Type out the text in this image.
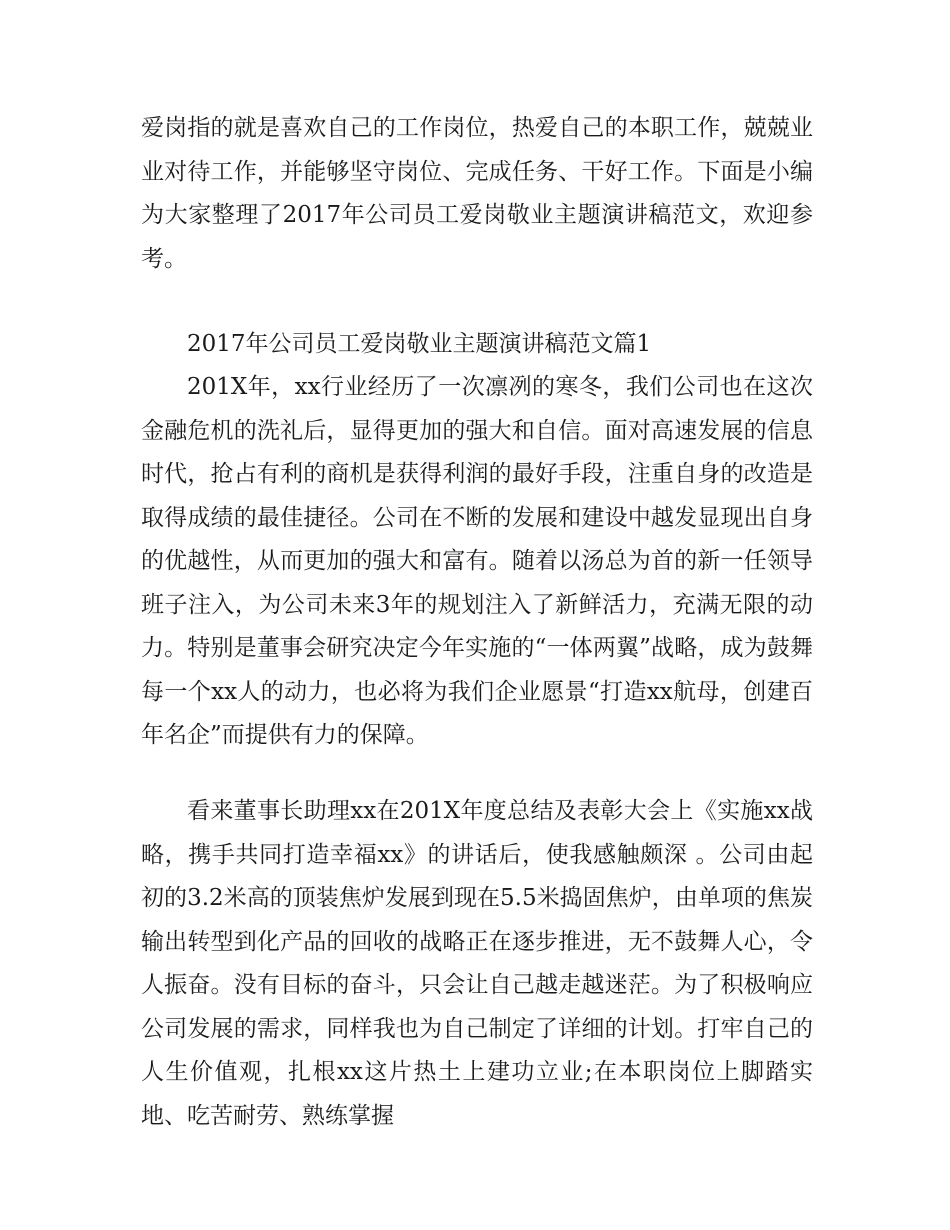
爱岗指的就是喜欢自己的工作岗位，热爱自己的本职工作，兢兢业业对待工作，并能够坚守岗位、完成任务、干好工作。下面是小编为大家整理了2017年公司员工爱岗敬业主题演讲稿范文，欢迎参考。

2017年公司员工爱岗敬业主题演讲稿范文篇1

201X年，xx行业经历了一次凛冽的寒冬，我们公司也在这次金融危机的洗礼后，显得更加的强大和自信。面对高速发展的信息时代，抢占有利的商机是获得利润的最好手段，注重自身的改造是取得成绩的最佳捷径。公司在不断的发展和建设中越发显现出自身的优越性，从而更加的强大和富有。随着以汤总为首的新一任领导班子注入，为公司未来3年的规划注入了新鲜活力，充满无限的动力。特别是董事会研究决定今年实施的“一体两翼”战略，成为鼓舞每一个xx人的动力，也必将为我们企业愿景“打造xx航母，创建百年名企”而提供有力的保障。

看来董事长助理xx在201X年度总结及表彰大会上《实施xx战略，携手共同打造幸福xx》的讲话后，使我感触颇深 。公司由起初的3.2米高的顶装焦炉发展到现在5.5米捣固焦炉，由单项的焦炭输出转型到化产品的回收的战略正在逐步推进，无不鼓舞人心，令人振奋。没有目标的奋斗，只会让自己越走越迷茫。为了积极响应公司发展的需求，同样我也为自己制定了详细的计划。打牢自己的人生价值观，扎根xx这片热土上建功立业;在本职岗位上脚踏实地、吃苦耐劳、熟练掌握
